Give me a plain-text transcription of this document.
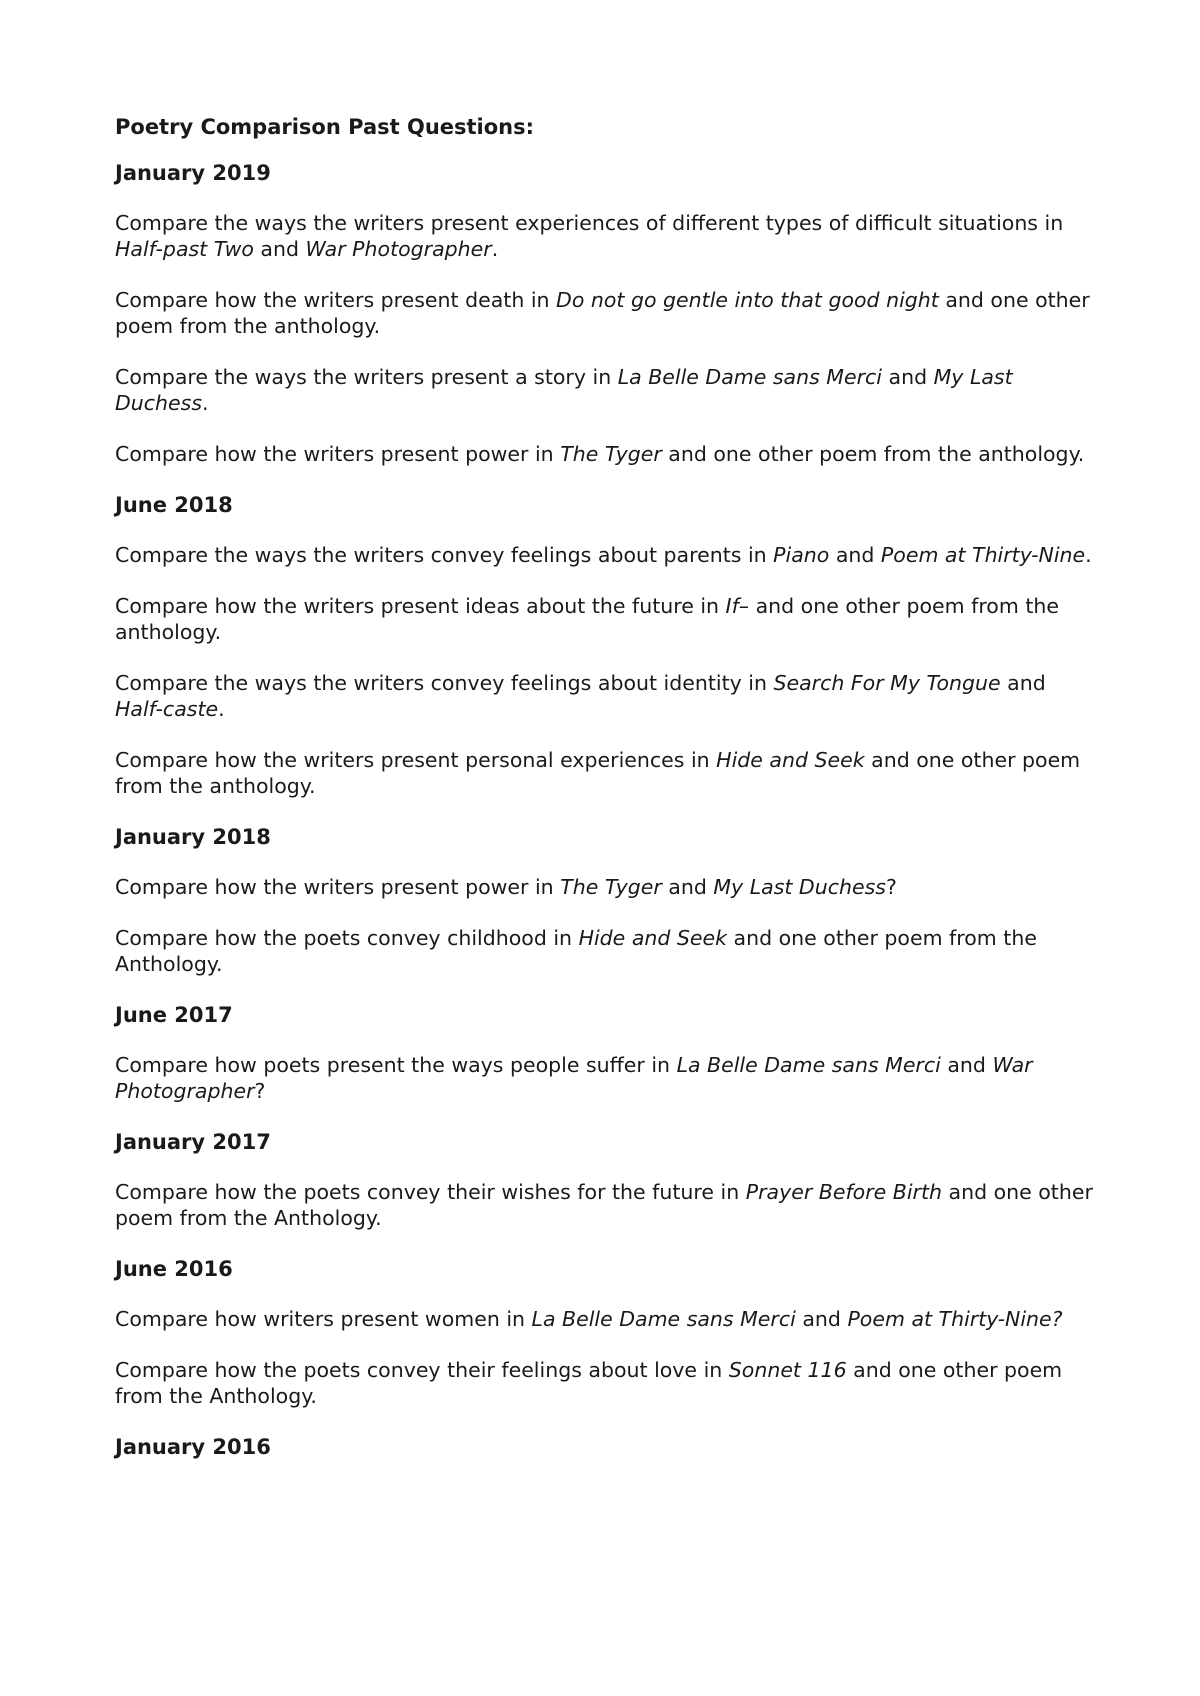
Poetry Comparison Past Questions:
January 2019
Compare the ways the writers present experiences of different types of difficult situations in Half-past Two and War Photographer.
Compare how the writers present death in Do not go gentle into that good night and one other poem from the anthology.
Compare the ways the writers present a story in La Belle Dame sans Merci and My Last Duchess.
Compare how the writers present power in The Tyger and one other poem from the anthology.
June 2018
Compare the ways the writers convey feelings about parents in Piano and Poem at Thirty-Nine.
Compare how the writers present ideas about the future in If– and one other poem from the anthology.
Compare the ways the writers convey feelings about identity in Search For My Tongue and Half-caste.
Compare how the writers present personal experiences in Hide and Seek and one other poem from the anthology.
January 2018
Compare how the writers present power in The Tyger and My Last Duchess?
Compare how the poets convey childhood in Hide and Seek and one other poem from the Anthology.
June 2017
Compare how poets present the ways people suffer in La Belle Dame sans Merci and War Photographer?
January 2017
Compare how the poets convey their wishes for the future in Prayer Before Birth and one other poem from the Anthology.
June 2016
Compare how writers present women in La Belle Dame sans Merci and Poem at Thirty-Nine?
Compare how the poets convey their feelings about love in Sonnet 116 and one other poem from the Anthology.
January 2016
